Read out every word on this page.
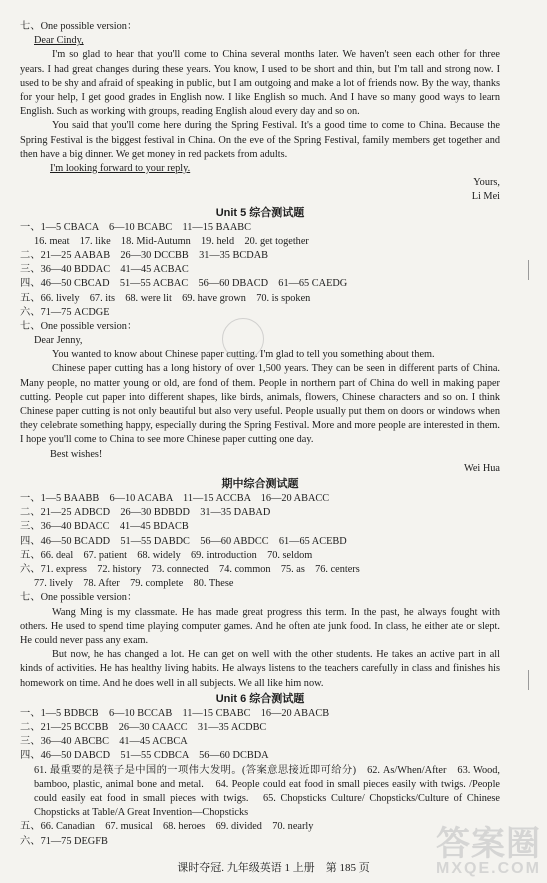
七、One possible version：
Dear Cindy,

I'm so glad to hear that you'll come to China several months later. We haven't seen each other for three years. I had great changes during these years. You know, I used to be short and thin, but I'm tall and strong now. I used to be shy and afraid of speaking in public, but I am outgoing and make a lot of friends now. By the way, thanks for your help, I get good grades in English now. I like English so much. And I have so many good ways to learn English. Such as working with groups, reading English aloud every day and so on.

You said that you'll come here during the Spring Festival. It's a good time to come to China. Because the Spring Festival is the biggest festival in China. On the eve of the Spring Festival, family members get together and then have a big dinner. We get money in red packets from adults.

I'm looking forward to your reply.
Yours,
Li Mei
Unit 5 综合测试题
一、1—5 CBACA　6—10 BCABC　11—15 BAABC
16. meat　17. like　18. Mid-Autumn　19. held　20. get together
二、21—25 AABAB　26—30 DCCBB　31—35 BCDAB
三、36—40 BDDAC　41—45 ACBAC
四、46—50 CBCAD　51—55 ACBAC　56—60 DBACD　61—65 CAEDG
五、66. lively　67. its　68. were lit　69. have grown　70. is spoken
六、71—75 ACDGE
七、One possible version：
Dear Jenny,

You wanted to know about Chinese paper cutting. I'm glad to tell you something about them.

Chinese paper cutting has a long history of over 1,500 years. They can be seen in different parts of China. Many people, no matter young or old, are fond of them. People in northern part of China do well in making paper cutting. People cut paper into different shapes, like birds, animals, flowers, Chinese characters and so on. I think Chinese paper cutting is not only beautiful but also very useful. People usually put them on doors or windows when they celebrate something happy, especially during the Spring Festival. More and more people are interested in them. I hope you'll come to China to see more Chinese paper cutting one day.

Best wishes!
Wei Hua
期中综合测试题
一、1—5 BAABB　6—10 ACABA　11—15 ACCBA　16—20 ABACC
二、21—25 ADBCD　26—30 BDBDD　31—35 DABAD
三、36—40 BDACC　41—45 BDACB
四、46—50 BCADD　51—55 DABDC　56—60 ABDCC　61—65 ACEBD
五、66. deal　67. patient　68. widely　69. introduction　70. seldom
六、71. express　72. history　73. connected　74. common　75. as　76. centers
77. lively　78. After　79. complete　80. These
七、One possible version：

Wang Ming is my classmate. He has made great progress this term. In the past, he always fought with others. He used to spend time playing computer games. And he often ate junk food. In class, he either ate or slept. He could never pass any exam.

But now, he has changed a lot. He can get on well with the other students. He takes an active part in all kinds of activities. He has healthy living habits. He always listens to the teachers carefully in class and finishes his homework on time. And he does well in all subjects. We all like him now.

Unit 6 综合测试题
一、1—5 BDBCB　6—10 BCCAB　11—15 CBABC　16—20 ABACB
二、21—25 BCCBB　26—30 CAACC　31—35 ACDBC
三、36—40 ABCBC　41—45 ACBCA
四、46—50 DABCD　51—55 CDBCA　56—60 DCBDA

61. 最重要的是筷子是中国的一项伟大发明。(答案意思接近即可给分)　62. As/When/After　63. Wood, bamboo, plastic, animal bone and metal.　64. People could eat food in small pieces easily with twigs. /People could easily eat food in small pieces with twigs.　65. Chopsticks Culture/ Chopsticks/Culture of Chinese Chopsticks at Table/A Great Invention—Chopsticks

五、66. Canadian　67. musical　68. heroes　69. divided　70. nearly
六、71—75 DEGFB
课时夺冠. 九年级英语 1 上册　第 185 页
答案圈
MXQE.COM
